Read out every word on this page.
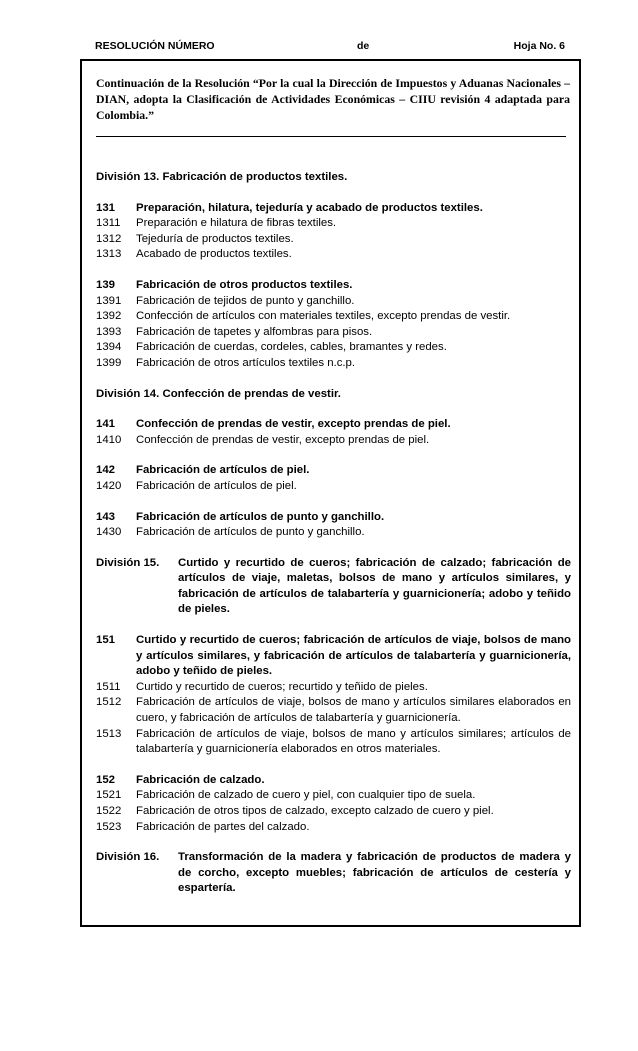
RESOLUCIÓN NÚMERO	de	Hoja No. 6
Continuación de la Resolución “Por la cual la Dirección de Impuestos y Aduanas Nacionales – DIAN, adopta la Clasificación de Actividades Económicas – CIIU revisión 4 adaptada para Colombia.”
División 13. Fabricación de productos textiles.
131	Preparación, hilatura, tejeduría y acabado de productos textiles.
1311	Preparación e hilatura de fibras textiles.
1312	Tejeduría de productos textiles.
1313	Acabado de productos textiles.
139	Fabricación de otros productos textiles.
1391	Fabricación de tejidos de punto y ganchillo.
1392	Confección de artículos con materiales textiles, excepto prendas de vestir.
1393	Fabricación de tapetes y alfombras para pisos.
1394	Fabricación de cuerdas, cordeles, cables, bramantes y redes.
1399	Fabricación de otros artículos textiles n.c.p.
División 14. Confección de prendas de vestir.
141	Confección de prendas de vestir, excepto prendas de piel.
1410	Confección de prendas de vestir, excepto prendas de piel.
142	Fabricación de artículos de piel.
1420	Fabricación de artículos de piel.
143	Fabricación de artículos de punto y ganchillo.
1430	Fabricación de artículos de punto y ganchillo.
División 15.	Curtido y recurtido de cueros; fabricación de calzado; fabricación de artículos de viaje, maletas, bolsos de mano y artículos similares, y fabricación de artículos de talabartería y guarnicionería; adobo y teñido de pieles.
151	Curtido y recurtido de cueros; fabricación de artículos de viaje, bolsos de mano y artículos similares, y fabricación de artículos de talabartería y guarnicionería, adobo y teñido de pieles.
1511	Curtido y recurtido de cueros; recurtido y teñido de pieles.
1512	Fabricación de artículos de viaje, bolsos de mano y artículos similares elaborados en cuero, y fabricación de artículos de talabartería y guarnicionería.
1513	Fabricación de artículos de viaje, bolsos de mano y artículos similares; artículos de talabartería y guarnicionería elaborados en otros materiales.
152	Fabricación de calzado.
1521	Fabricación de calzado de cuero y piel, con cualquier tipo de suela.
1522	Fabricación de otros tipos de calzado, excepto calzado de cuero y piel.
1523	Fabricación de partes del calzado.
División 16.	Transformación de la madera y fabricación de productos de madera y de corcho, excepto muebles; fabricación de artículos de cestería y espartería.
